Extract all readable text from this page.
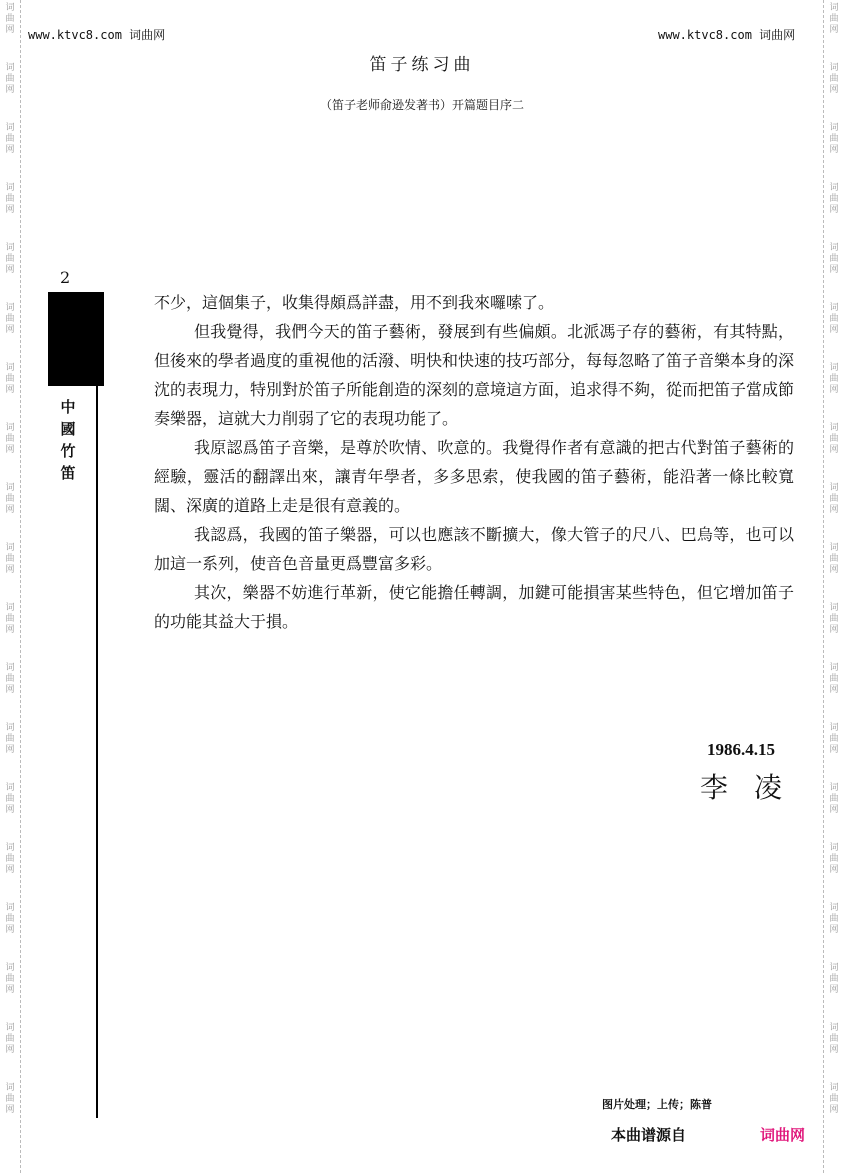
词
曲
网
词
曲
网
词
曲
网
词
曲
网
词
曲
网
词
曲
网
词
曲
网
词
曲
网
词
曲
网
词
曲
网
词
曲
网
词
曲
网
词
曲
网
词
曲
网
词
曲
网
词
曲
网
词
曲
网
词
曲
网
词
曲
网
词
曲
网
词
曲
网
词
曲
网
词
曲
网
词
曲
网
词
曲
网
词
曲
网
词
曲
网
词
曲
网
词
曲
网
词
曲
网
词
曲
网
词
曲
网
词
曲
网
词
曲
网
词
曲
网
词
曲
网
词
曲
网
词
曲
网
www.ktvc8.com 词曲网	www.ktvc8.com 词曲网
笛子练习曲
（笛子老师俞逊发著书）开篇题目序二
2
中
國
竹
笛

不少，這個集子，收集得頗爲詳盡，用不到我來囉嗦了。

但我覺得，我們今天的笛子藝術，發展到有些偏頗。北派馮子存的藝術，有其特點，但後來的學者過度的重視他的活潑、明快和快速的技巧部分，每每忽略了笛子音樂本身的深沈的表現力，特別對於笛子所能創造的深刻的意境這方面，追求得不夠，從而把笛子當成節奏樂器，這就大力削弱了它的表現功能了。

我原認爲笛子音樂，是尊於吹情、吹意的。我覺得作者有意識的把古代對笛子藝術的經驗，靈活的翻譯出來，讓青年學者，多多思索，使我國的笛子藝術，能沿著一條比較寬闊、深廣的道路上走是很有意義的。

我認爲，我國的笛子樂器，可以也應該不斷擴大，像大管子的尺八、巴烏等，也可以加這一系列，使音色音量更爲豐富多彩。

其次，樂器不妨進行革新，使它能擔任轉調，加鍵可能損害某些特色，但它增加笛子的功能其益大于損。

1986.4.15
李凌
图片处理；上传；陈普
本曲谱源自	词曲网
